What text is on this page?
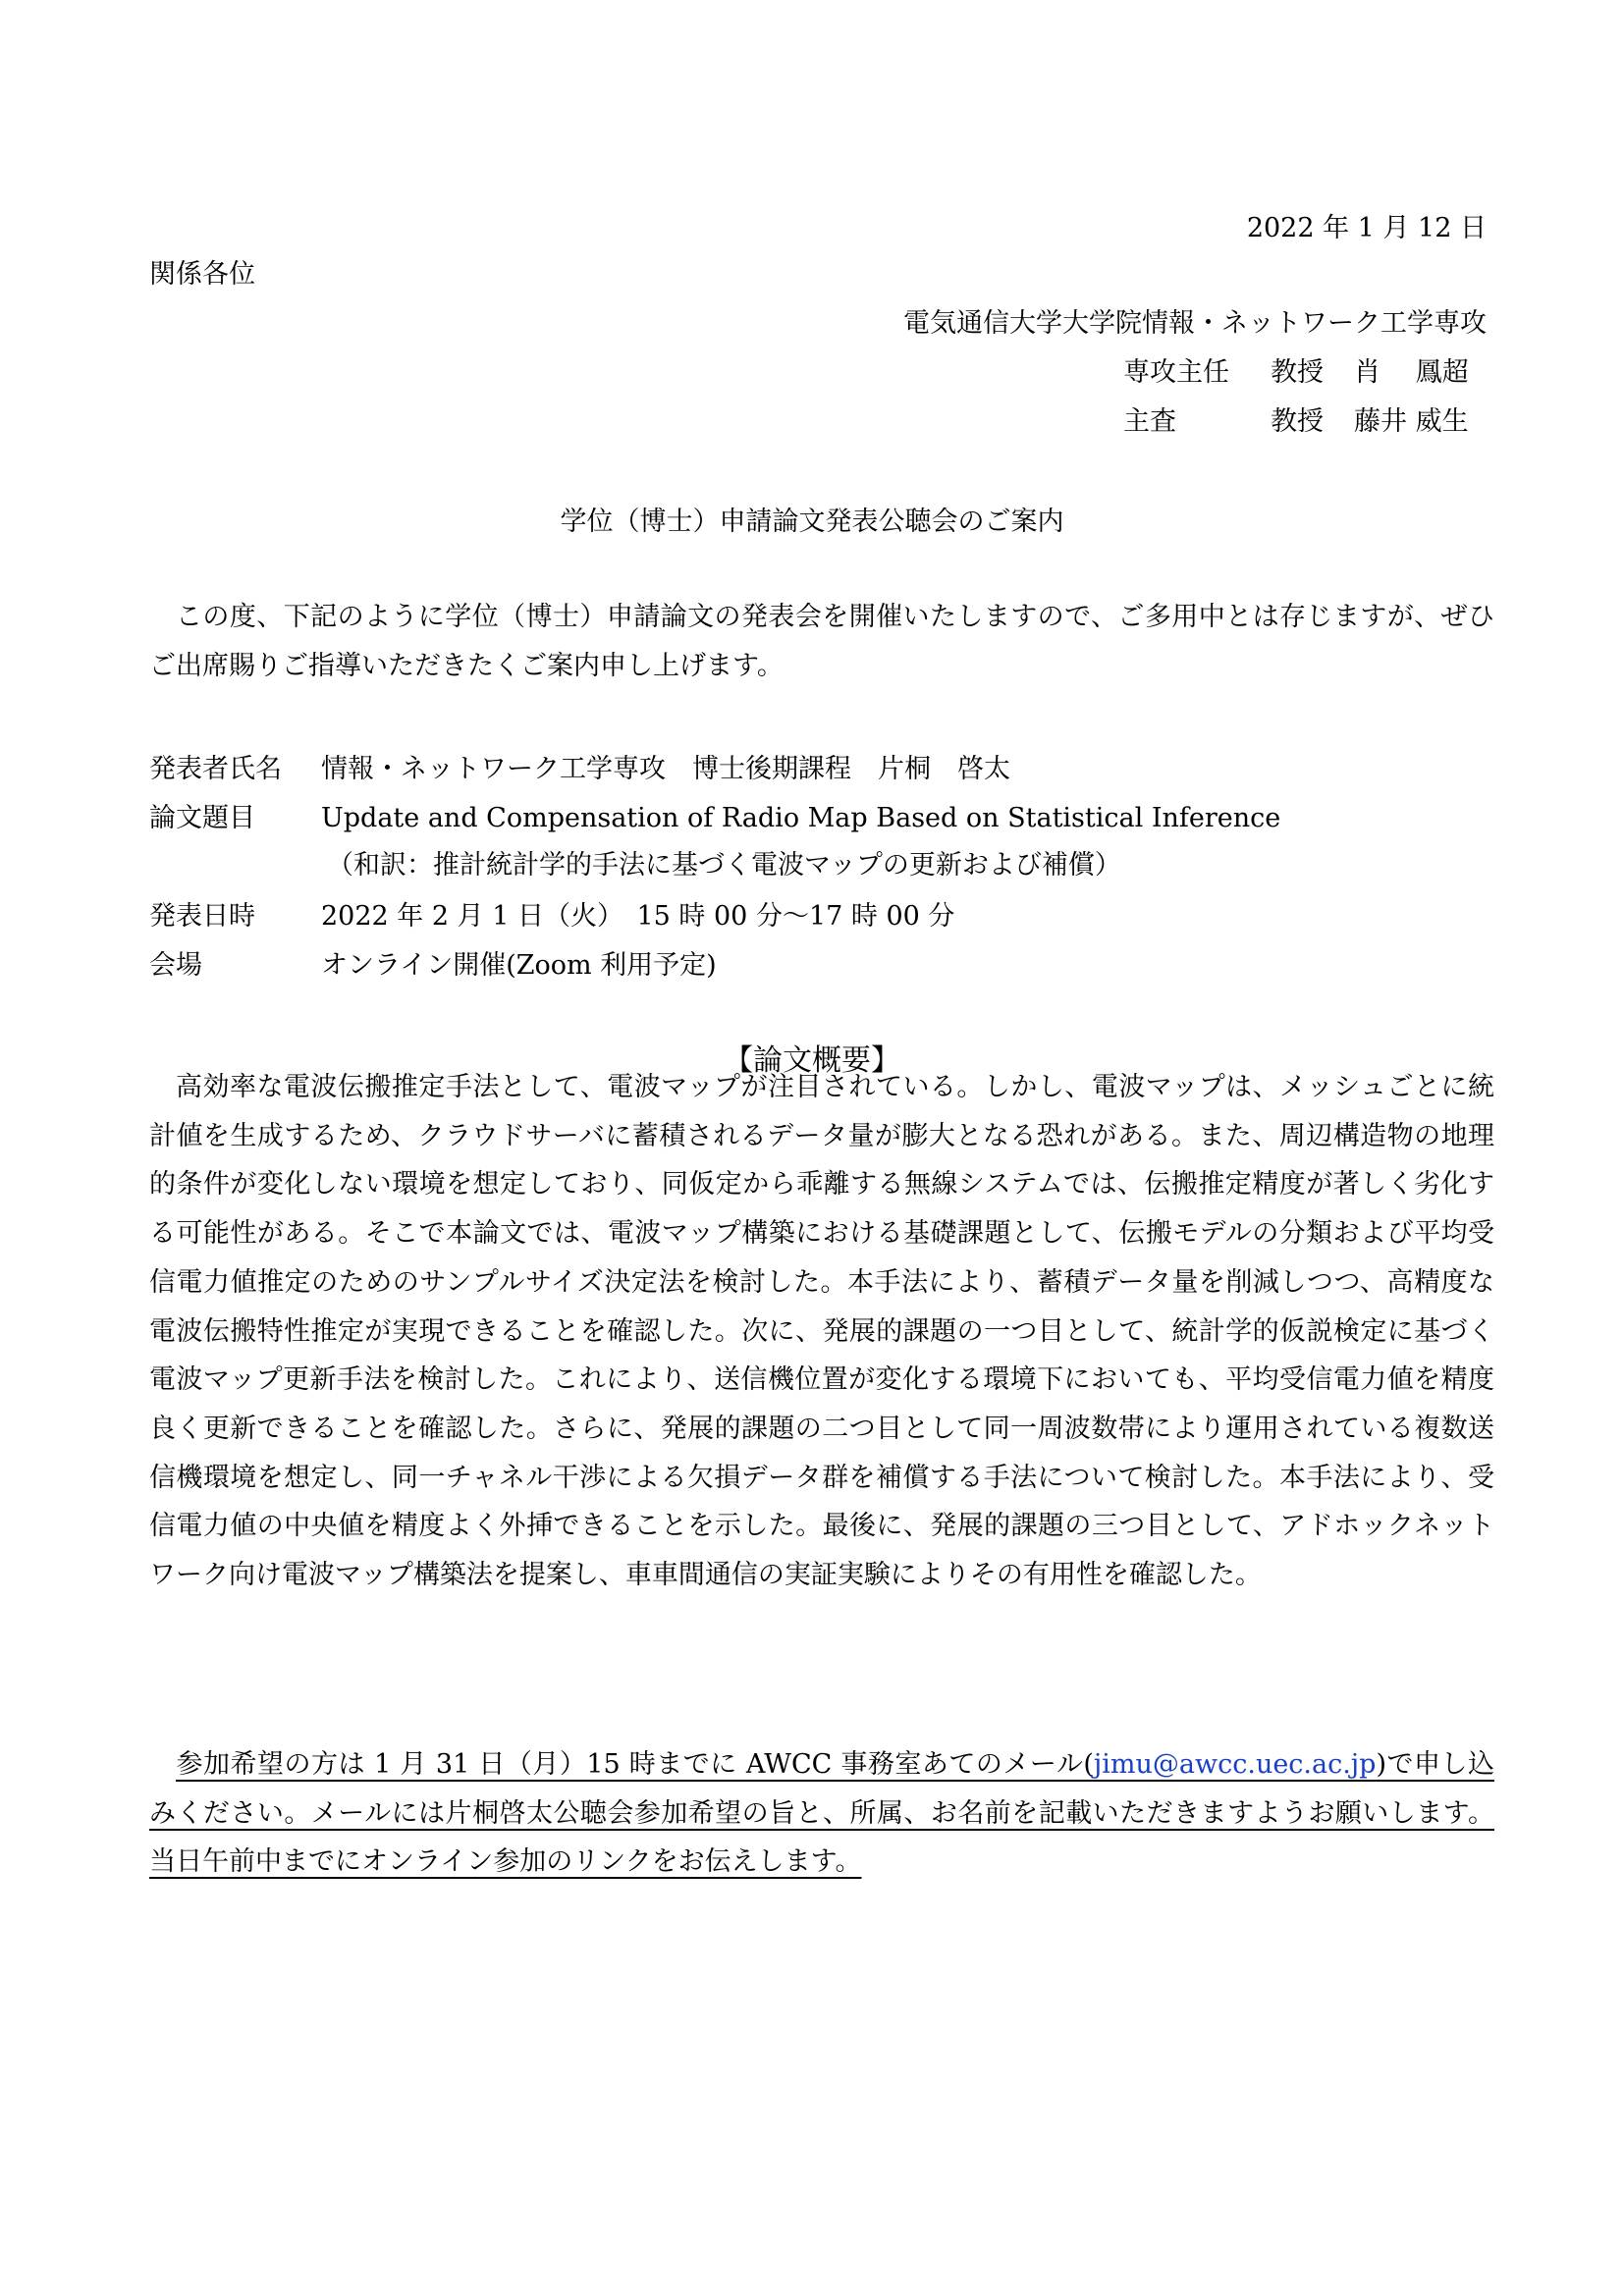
2022 年 1 月 12 日
関係各位
電気通信大学大学院情報・ネットワーク工学専攻
専攻主任 教授 肖　 鳳超
主査	教授 藤井 威生
学位（博士）申請論文発表公聴会のご案内
この度、下記のように学位（博士）申請論文の発表会を開催いたしますので、ご多用中とは存じますが、ぜひご出席賜りご指導いただきたくご案内申し上げます。
発表者氏名 情報・ネットワーク工学専攻　博士後期課程　片桐　啓太
論文題目 Update and Compensation of Radio Map Based on Statistical Inference
（和訳：推計統計学的手法に基づく電波マップの更新および補償）
発表日時 2022 年 2 月 1 日（火）　15 時 00 分～17 時 00 分
会場	オンライン開催(Zoom 利用予定)
【論文概要】
高効率な電波伝搬推定手法として、電波マップが注目されている。しかし、電波マップは、メッシュごとに統計値を生成するため、クラウドサーバに蓄積されるデータ量が膨大となる恐れがある。また、周辺構造物の地理的条件が変化しない環境を想定しており、同仮定から乖離する無線システムでは、伝搬推定精度が著しく劣化する可能性がある。そこで本論文では、電波マップ構築における基礎課題として、伝搬モデルの分類および平均受信電力値推定のためのサンプルサイズ決定法を検討した。本手法により、蓄積データ量を削減しつつ、高精度な電波伝搬特性推定が実現できることを確認した。次に、発展的課題の一つ目として、統計学的仮説検定に基づく電波マップ更新手法を検討した。これにより、送信機位置が変化する環境下においても、平均受信電力値を精度良く更新できることを確認した。さらに、発展的課題の二つ目として同一周波数帯により運用されている複数送信機環境を想定し、同一チャネル干渉による欠損データ群を補償する手法について検討した。本手法により、受信電力値の中央値を精度よく外挿できることを示した。最後に、発展的課題の三つ目として、アドホックネットワーク向け電波マップ構築法を提案し、車車間通信の実証実験によりその有用性を確認した。
参加希望の方は 1 月 31 日（月）15 時までに AWCC 事務室あてのメール(jimu@awcc.uec.ac.jp)で申し込みください。メールには片桐啓太公聴会参加希望の旨と、所属、お名前を記載いただきますようお願いします。当日午前中までにオンライン参加のリンクをお伝えします。
